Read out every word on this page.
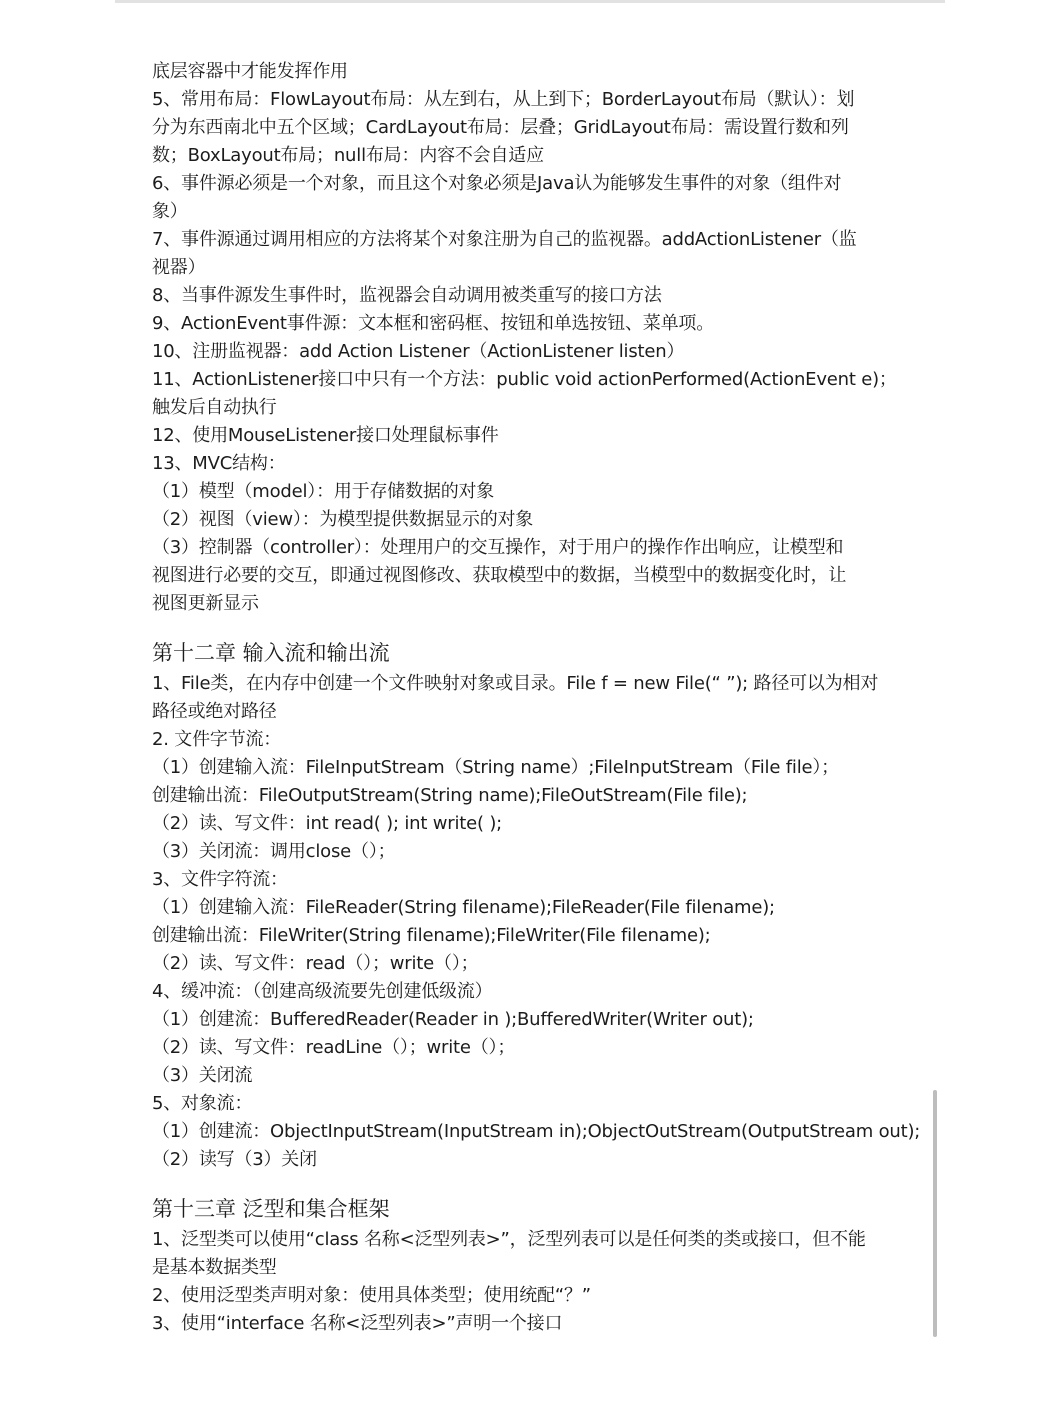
底层容器中才能发挥作用
5、常用布局：FlowLayout布局：从左到右，从上到下；BorderLayout布局（默认）：划
分为东西南北中五个区域；CardLayout布局：层叠；GridLayout布局：需设置行数和列
数；BoxLayout布局；null布局：内容不会自适应
6、事件源必须是一个对象，而且这个对象必须是Java认为能够发生事件的对象（组件对
象）
7、事件源通过调用相应的方法将某个对象注册为自己的监视器。addActionListener（监
视器）
8、当事件源发生事件时，监视器会自动调用被类重写的接口方法
9、ActionEvent事件源：文本框和密码框、按钮和单选按钮、菜单项。
10、注册监视器：add Action Listener（ActionListener listen）
11、ActionListener接口中只有一个方法：public void actionPerformed(ActionEvent e)；
触发后自动执行
12、使用MouseListener接口处理鼠标事件
13、MVC结构：
（1）模型（model）：用于存储数据的对象
（2）视图（view）：为模型提供数据显示的对象
（3）控制器（controller）：处理用户的交互操作，对于用户的操作作出响应，让模型和
视图进行必要的交互，即通过视图修改、获取模型中的数据，当模型中的数据变化时，让
视图更新显示
第十二章 输入流和输出流
1、File类，在内存中创建一个文件映射对象或目录。File f = new File(“ ”); 路径可以为相对
路径或绝对路径
2. 文件字节流：
（1）创建输入流：FileInputStream（String name）;FileInputStream（File file）；
创建输出流：FileOutputStream(String name);FileOutStream(File file);
（2）读、写文件：int read( ); int write( );
（3）关闭流：调用close（）；
3、文件字符流：
（1）创建输入流：FileReader(String filename);FileReader(File filename);
创建输出流：FileWriter(String filename);FileWriter(File filename);
（2）读、写文件：read（）；write（）；
4、缓冲流：（创建高级流要先创建低级流）
（1）创建流：BufferedReader(Reader in );BufferedWriter(Writer out);
（2）读、写文件：readLine（）；write（）；
（3）关闭流
5、对象流：
（1）创建流：ObjectInputStream(InputStream in);ObjectOutStream(OutputStream out);
（2）读写（3）关闭
第十三章 泛型和集合框架
1、泛型类可以使用“class 名称<泛型列表>”，泛型列表可以是任何类的类或接口，但不能
是基本数据类型
2、使用泛型类声明对象：使用具体类型；使用统配“？”
3、使用“interface 名称<泛型列表>”声明一个接口
